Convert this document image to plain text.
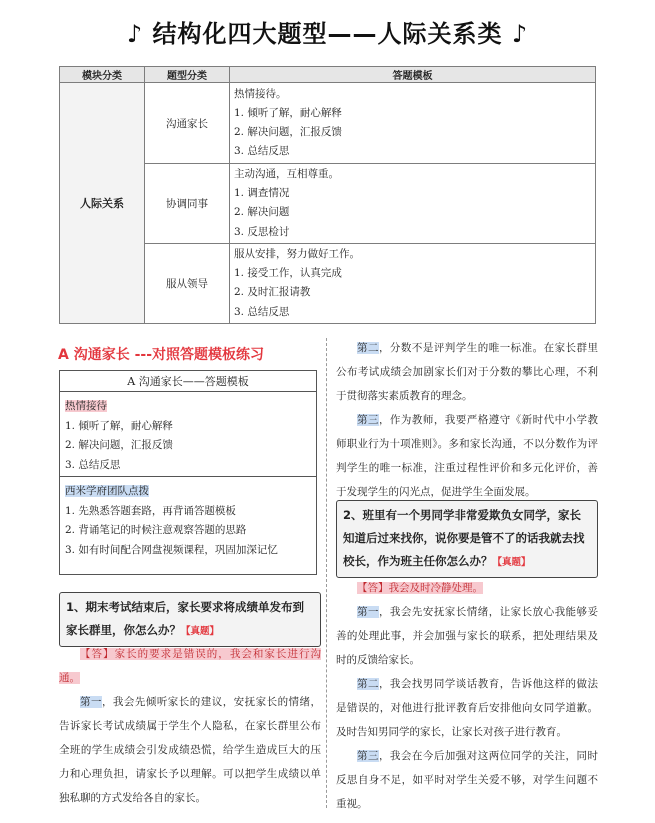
♪ 结构化四大题型——人际关系类 ♪
模块分类	题型分类	答题模板
人际关系	沟通家长	热情接待。
1. 倾听了解，耐心解释
2. 解决问题，汇报反馈
3. 总结反思

	协调同事	主动沟通，互相尊重。
1. 调查情况
2. 解决问题
3. 反思检讨

	服从领导	服从安排，努力做好工作。
1. 接受工作，认真完成
2. 及时汇报请教
3. 总结反思
A 沟通家长 ---对照答题模板练习
A 沟通家长——答题模板
热情接待
1. 倾听了解，耐心解释
2. 解决问题，汇报反馈
3. 总结反思
西米学府团队点拨
1. 先熟悉答题套路，再背诵答题模板
2. 背诵笔记的时候注意观察答题的思路
3. 如有时间配合网盘视频课程，巩固加深记忆
1、期末考试结束后，家长要求将成绩单发布到家长群里，你怎么办？【真题】
【答】家长的要求是错误的，我会和家长进行沟通。
第一，我会先倾听家长的建议，安抚家长的情绪，告诉家长考试成绩属于学生个人隐私，在家长群里公布全班的学生成绩会引发成绩恐慌，给学生造成巨大的压力和心理负担，请家长予以理解。可以把学生成绩以单独私聊的方式发给各自的家长。
第二，分数不是评判学生的唯一标准。在家长群里公布考试成绩会加剧家长们对于分数的攀比心理，不利于贯彻落实素质教育的理念。
第三，作为教师，我要严格遵守《新时代中小学教师职业行为十项准则》。多和家长沟通，不以分数作为评判学生的唯一标准，注重过程性评价和多元化评价，善于发现学生的闪光点，促进学生全面发展。
2、班里有一个男同学非常爱欺负女同学，家长知道后过来找你，说你要是管不了的话我就去找校长，作为班主任你怎么办？【真题】
【答】我会及时冷静处理。
第一，我会先安抚家长情绪，让家长放心我能够妥善的处理此事，并会加强与家长的联系，把处理结果及时的反馈给家长。
第二，我会找男同学谈话教育，告诉他这样的做法是错误的，对他进行批评教育后安排他向女同学道歉。及时告知男同学的家长，让家长对孩子进行教育。
第三，我会在今后加强对这两位同学的关注，同时反思自身不足，如平时对学生关爱不够，对学生问题不重视。
